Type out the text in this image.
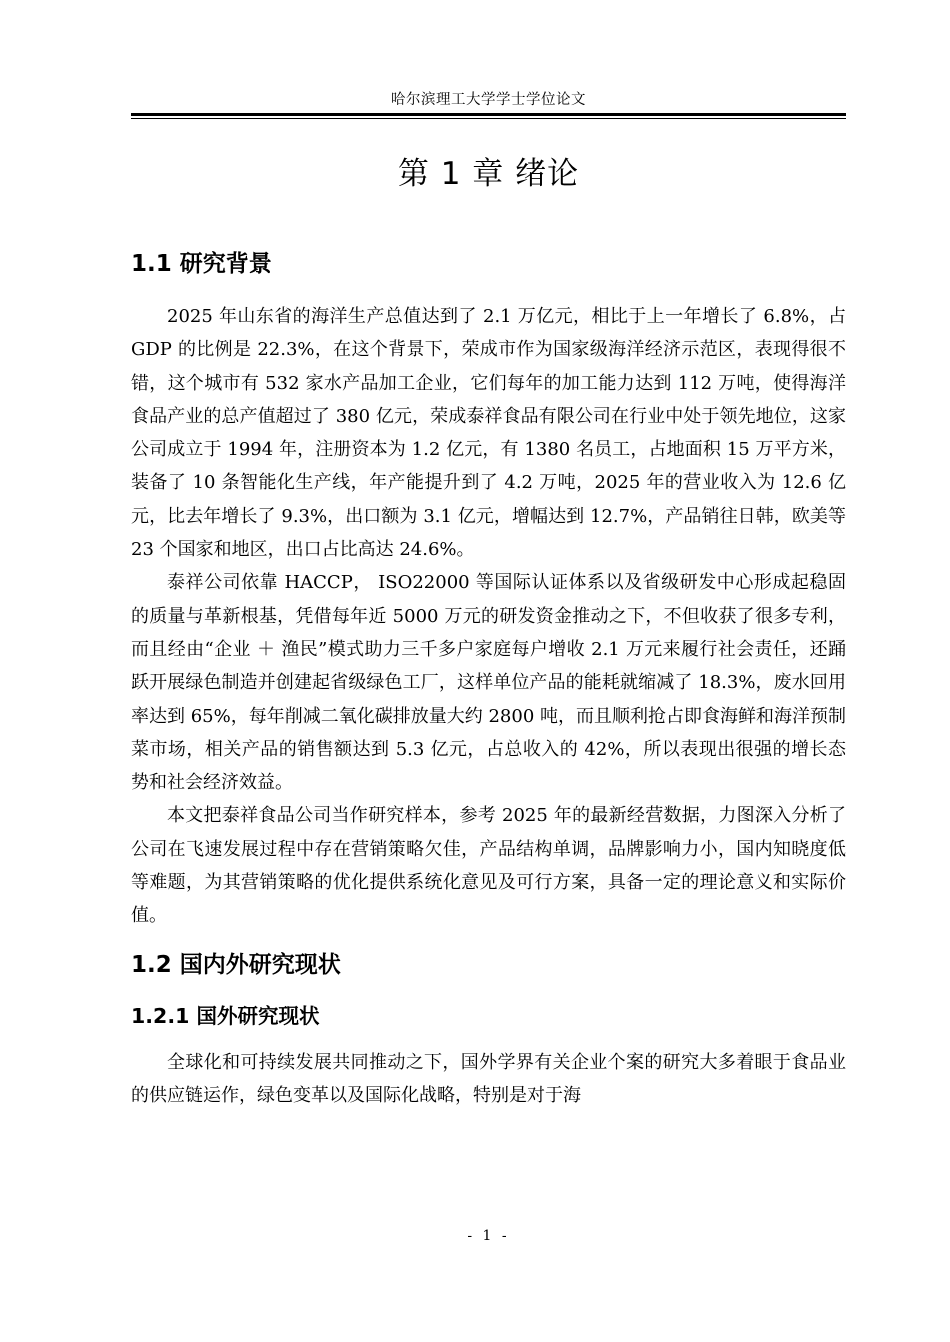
哈尔滨理工大学学士学位论文
第 1 章 绪论
1.1 研究背景

2025 年山东省的海洋生产总值达到了 2.1 万亿元，相比于上一年增长了 6.8%，占 GDP 的比例是 22.3%，在这个背景下，荣成市作为国家级海洋经济示范区，表现得很不错，这个城市有 532 家水产品加工企业，它们每年的加工能力达到 112 万吨，使得海洋食品产业的总产值超过了 380 亿元，荣成泰祥食品有限公司在行业中处于领先地位，这家公司成立于 1994 年，注册资本为 1.2 亿元，有 1380 名员工，占地面积 15 万平方米，装备了 10 条智能化生产线，年产能提升到了 4.2 万吨，2025 年的营业收入为 12.6 亿元，比去年增长了 9.3%，出口额为 3.1 亿元，增幅达到 12.7%，产品销往日韩，欧美等 23 个国家和地区，出口占比高达 24.6%。

泰祥公司依靠 HACCP， ISO22000 等国际认证体系以及省级研发中心形成起稳固的质量与革新根基，凭借每年近 5000 万元的研发资金推动之下，不但收获了很多专利，而且经由“企业 ＋ 渔民”模式助力三千多户家庭每户增收 2.1 万元来履行社会责任，还踊跃开展绿色制造并创建起省级绿色工厂，这样单位产品的能耗就缩减了 18.3%，废水回用率达到 65%，每年削减二氧化碳排放量大约 2800 吨，而且顺利抢占即食海鲜和海洋预制菜市场，相关产品的销售额达到 5.3 亿元，占总收入的 42%，所以表现出很强的增长态势和社会经济效益。

本文把泰祥食品公司当作研究样本，参考 2025 年的最新经营数据，力图深入分析了公司在飞速发展过程中存在营销策略欠佳，产品结构单调，品牌影响力小，国内知晓度低等难题，为其营销策略的优化提供系统化意见及可行方案，具备一定的理论意义和实际价值。

1.2 国内外研究现状
1.2.1 国外研究现状

全球化和可持续发展共同推动之下，国外学界有关企业个案的研究大多着眼于食品业的供应链运作，绿色变革以及国际化战略，特别是对于海

- 1 -
